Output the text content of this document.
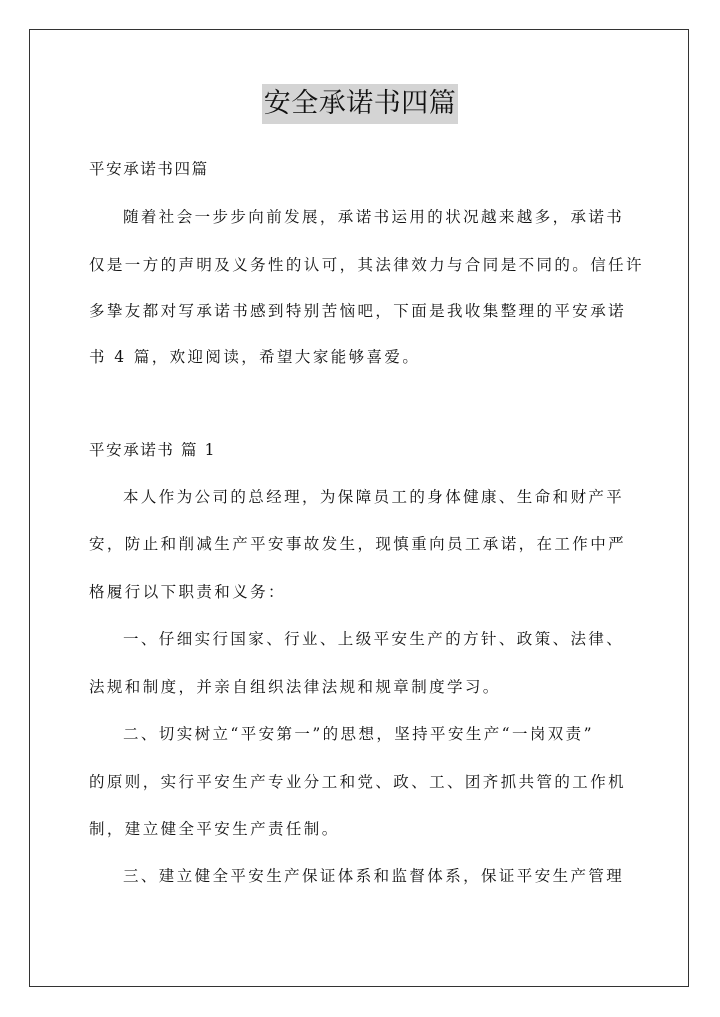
安全承诺书四篇
平安承诺书四篇
随着社会一步步向前发展，承诺书运用的状况越来越多，承诺书
仅是一方的声明及义务性的认可，其法律效力与合同是不同的。信任许
多挚友都对写承诺书感到特别苦恼吧，下面是我收集整理的平安承诺
书 4 篇，欢迎阅读，希望大家能够喜爱。
平安承诺书 篇 1
本人作为公司的总经理，为保障员工的身体健康、生命和财产平
安，防止和削减生产平安事故发生，现慎重向员工承诺，在工作中严
格履行以下职责和义务：
一、仔细实行国家、行业、上级平安生产的方针、政策、法律、
法规和制度，并亲自组织法律法规和规章制度学习。
二、切实树立“平安第一”的思想，坚持平安生产“一岗双责”
的原则，实行平安生产专业分工和党、政、工、团齐抓共管的工作机
制，建立健全平安生产责任制。
三、建立健全平安生产保证体系和监督体系，保证平安生产管理
